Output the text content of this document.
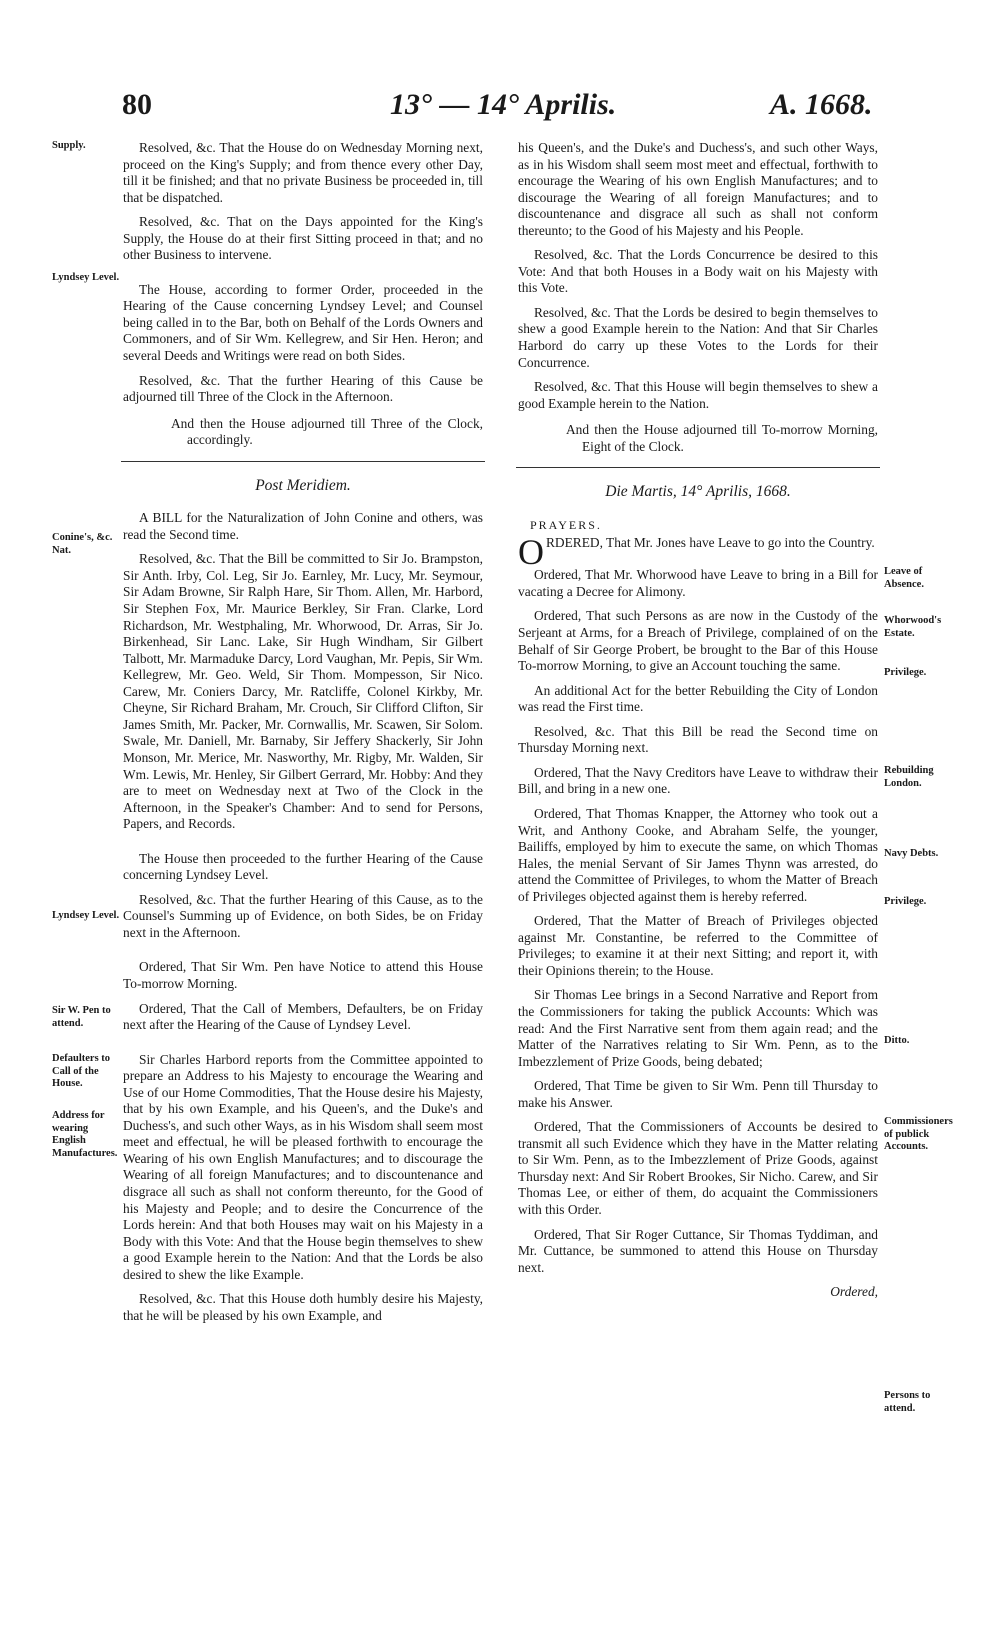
80	13° — 14° Aprilis.	A. 1668.
Supply.
Lyndsey Level.
Conine's, &c. Nat.
Lyndsey Level.
Sir W. Pen to attend.
Defaulters to Call of the House.
Address for wearing English Manufactures.
Leave of Absence.
Whorwood's Estate.
Privilege.
Rebuilding London.
Navy Debts.
Privilege.
Ditto.
Commissioners of publick Accounts.
Persons to attend.

Resolved, &c. That the House do on Wednesday Morning next, proceed on the King's Supply; and from thence every other Day, till it be finished; and that no private Business be proceeded in, till that be dispatched.

Resolved, &c. That on the Days appointed for the King's Supply, the House do at their first Sitting proceed in that; and no other Business to intervene.

The House, according to former Order, proceeded in the Hearing of the Cause concerning Lyndsey Level; and Counsel being called in to the Bar, both on Behalf of the Lords Owners and Commoners, and of Sir Wm. Kellegrew, and Sir Hen. Heron; and several Deeds and Writings were read on both Sides.

Resolved, &c. That the further Hearing of this Cause be adjourned till Three of the Clock in the Afternoon.

And then the House adjourned till Three of the Clock, accordingly.

Post Meridiem.

A BILL for the Naturalization of John Conine and others, was read the Second time.

Resolved, &c. That the Bill be committed to Sir Jo. Brampston, Sir Anth. Irby, Col. Leg, Sir Jo. Earnley, Mr. Lucy, Mr. Seymour, Sir Adam Browne, Sir Ralph Hare, Sir Thom. Allen, Mr. Harbord, Sir Stephen Fox, Mr. Maurice Berkley, Sir Fran. Clarke, Lord Richardson, Mr. Westphaling, Mr. Whorwood, Dr. Arras, Sir Jo. Birkenhead, Sir Lanc. Lake, Sir Hugh Windham, Sir Gilbert Talbott, Mr. Marmaduke Darcy, Lord Vaughan, Mr. Pepis, Sir Wm. Kellegrew, Mr. Geo. Weld, Sir Thom. Mompesson, Sir Nico. Carew, Mr. Coniers Darcy, Mr. Ratcliffe, Colonel Kirkby, Mr. Cheyne, Sir Richard Braham, Mr. Crouch, Sir Clifford Clifton, Sir James Smith, Mr. Packer, Mr. Cornwallis, Mr. Scawen, Sir Solom. Swale, Mr. Daniell, Mr. Barnaby, Sir Jeffery Shackerly, Sir John Monson, Mr. Merice, Mr. Nasworthy, Mr. Rigby, Mr. Walden, Sir Wm. Lewis, Mr. Henley, Sir Gilbert Gerrard, Mr. Hobby: And they are to meet on Wednesday next at Two of the Clock in the Afternoon, in the Speaker's Chamber: And to send for Persons, Papers, and Records.

The House then proceeded to the further Hearing of the Cause concerning Lyndsey Level.

Resolved, &c. That the further Hearing of this Cause, as to the Counsel's Summing up of Evidence, on both Sides, be on Friday next in the Afternoon.

Ordered, That Sir Wm. Pen have Notice to attend this House To-morrow Morning.

Ordered, That the Call of Members, Defaulters, be on Friday next after the Hearing of the Cause of Lyndsey Level.

Sir Charles Harbord reports from the Committee appointed to prepare an Address to his Majesty to encourage the Wearing and Use of our Home Commodities, That the House desire his Majesty, that by his own Example, and his Queen's, and the Duke's and Duchess's, and such other Ways, as in his Wisdom shall seem most meet and effectual, he will be pleased forthwith to encourage the Wearing of his own English Manufactures; and to discourage the Wearing of all foreign Manufactures; and to discountenance and disgrace all such as shall not conform thereunto, for the Good of his Majesty and People; and to desire the Concurrence of the Lords herein: And that both Houses may wait on his Majesty in a Body with this Vote: And that the House begin themselves to shew a good Example herein to the Nation: And that the Lords be also desired to shew the like Example.

Resolved, &c. That this House doth humbly desire his Majesty, that he will be pleased by his own Example, and

his Queen's, and the Duke's and Duchess's, and such other Ways, as in his Wisdom shall seem most meet and effectual, forthwith to encourage the Wearing of his own English Manufactures; and to discourage the Wearing of all foreign Manufactures; and to discountenance and disgrace all such as shall not conform thereunto; to the Good of his Majesty and his People.

Resolved, &c. That the Lords Concurrence be desired to this Vote: And that both Houses in a Body wait on his Majesty with this Vote.

Resolved, &c. That the Lords be desired to begin themselves to shew a good Example herein to the Nation: And that Sir Charles Harbord do carry up these Votes to the Lords for their Concurrence.

Resolved, &c. That this House will begin themselves to shew a good Example herein to the Nation.

And then the House adjourned till To-morrow Morning, Eight of the Clock.

Die Martis, 14° Aprilis, 1668.
PRAYERS.

ORDERED, That Mr. Jones have Leave to go into the Country.

Ordered, That Mr. Whorwood have Leave to bring in a Bill for vacating a Decree for Alimony.

Ordered, That such Persons as are now in the Custody of the Serjeant at Arms, for a Breach of Privilege, complained of on the Behalf of Sir George Probert, be brought to the Bar of this House To-morrow Morning, to give an Account touching the same.

An additional Act for the better Rebuilding the City of London was read the First time.

Resolved, &c. That this Bill be read the Second time on Thursday Morning next.

Ordered, That the Navy Creditors have Leave to withdraw their Bill, and bring in a new one.

Ordered, That Thomas Knapper, the Attorney who took out a Writ, and Anthony Cooke, and Abraham Selfe, the younger, Bailiffs, employed by him to execute the same, on which Thomas Hales, the menial Servant of Sir James Thynn was arrested, do attend the Committee of Privileges, to whom the Matter of Breach of Privileges objected against them is hereby referred.

Ordered, That the Matter of Breach of Privileges objected against Mr. Constantine, be referred to the Committee of Privileges; to examine it at their next Sitting; and report it, with their Opinions therein; to the House.

Sir Thomas Lee brings in a Second Narrative and Report from the Commissioners for taking the publick Accounts: Which was read: And the First Narrative sent from them again read; and the Matter of the Narratives relating to Sir Wm. Penn, as to the Imbezzlement of Prize Goods, being debated;

Ordered, That Time be given to Sir Wm. Penn till Thursday to make his Answer.

Ordered, That the Commissioners of Accounts be desired to transmit all such Evidence which they have in the Matter relating to Sir Wm. Penn, as to the Imbezzlement of Prize Goods, against Thursday next: And Sir Robert Brookes, Sir Nicho. Carew, and Sir Thomas Lee, or either of them, do acquaint the Commissioners with this Order.

Ordered, That Sir Roger Cuttance, Sir Thomas Tyddiman, and Mr. Cuttance, be summoned to attend this House on Thursday next.

Ordered,
